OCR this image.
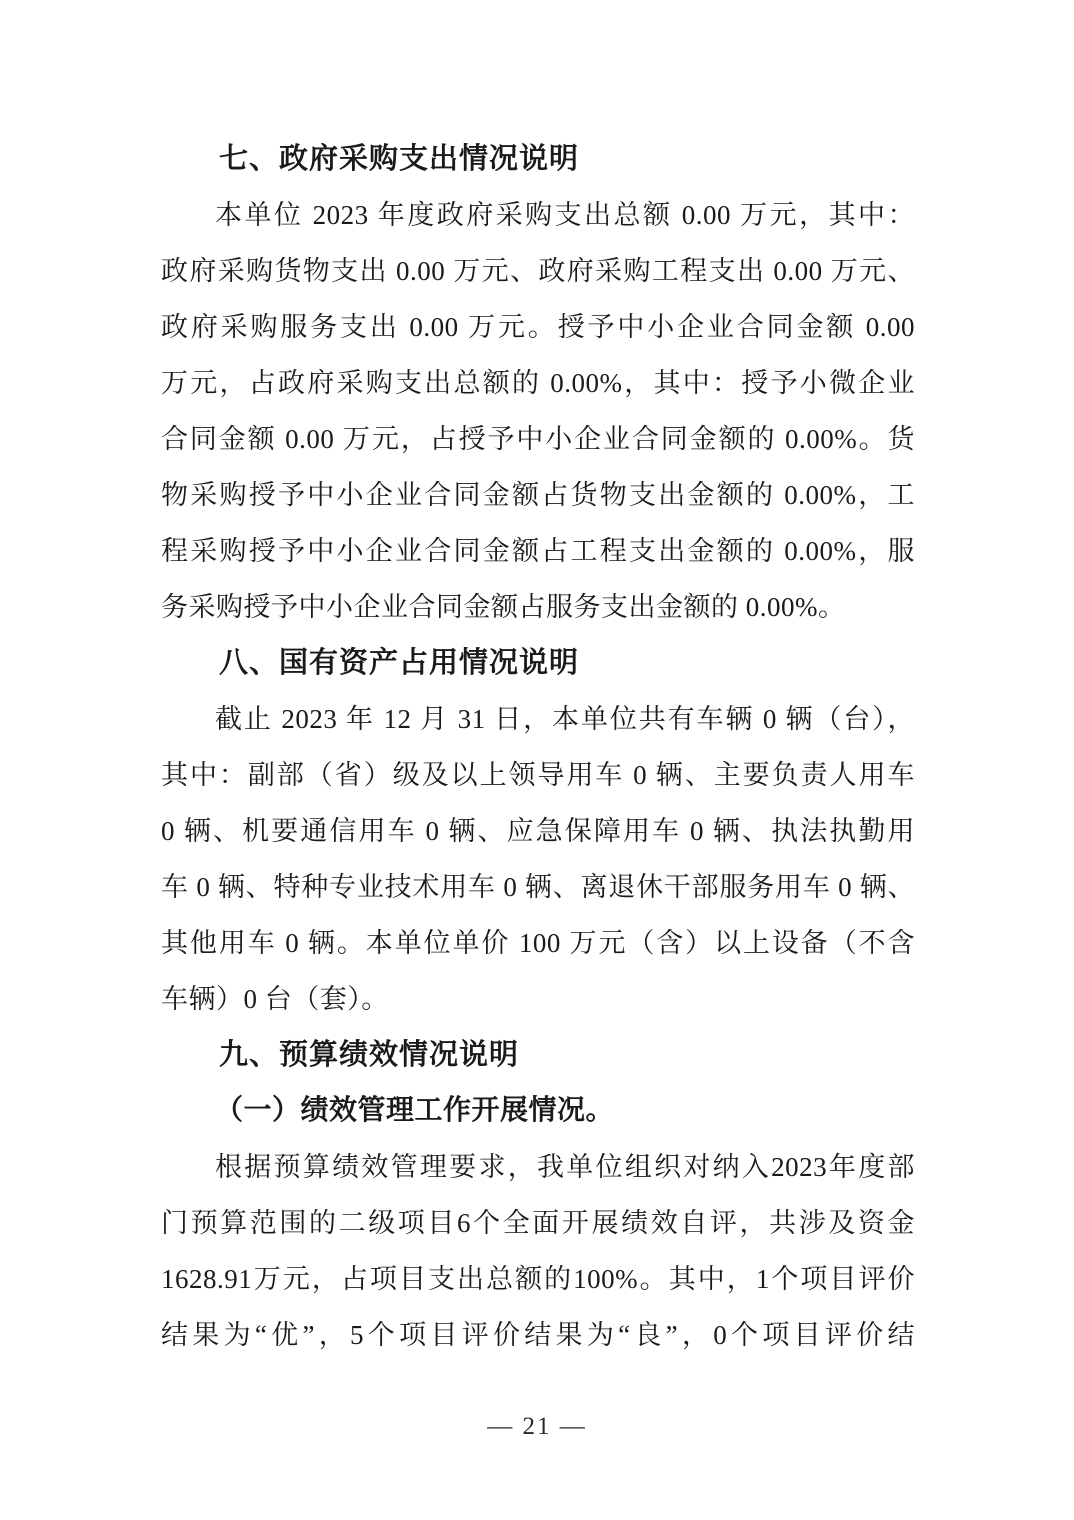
七、政府采购支出情况说明
本单位 2023 年度政府采购支出总额 0.00 万元，其中：
政府采购货物支出 0.00 万元、政府采购工程支出 0.00 万元、
政府采购服务支出 0.00 万元。授予中小企业合同金额 0.00
万元，占政府采购支出总额的 0.00%，其中：授予小微企业
合同金额 0.00 万元，占授予中小企业合同金额的 0.00%。货
物采购授予中小企业合同金额占货物支出金额的 0.00%，工
程采购授予中小企业合同金额占工程支出金额的 0.00%，服
务采购授予中小企业合同金额占服务支出金额的 0.00%。
八、国有资产占用情况说明
截止 2023 年 12 月 31 日，本单位共有车辆 0 辆（台），
其中：副部（省）级及以上领导用车 0 辆、主要负责人用车
0 辆、机要通信用车 0 辆、应急保障用车 0 辆、执法执勤用
车 0 辆、特种专业技术用车 0 辆、离退休干部服务用车 0 辆、
其他用车 0 辆。本单位单价 100 万元（含）以上设备（不含
车辆）0 台（套）。
九、预算绩效情况说明
（一）绩效管理工作开展情况。
根据预算绩效管理要求，我单位组织对纳入2023年度部
门预算范围的二级项目6个全面开展绩效自评，共涉及资金
1628.91万元，占项目支出总额的100%。其中，1个项目评价
结果为“优”，5个项目评价结果为“良”，0个项目评价结
— 21 —
